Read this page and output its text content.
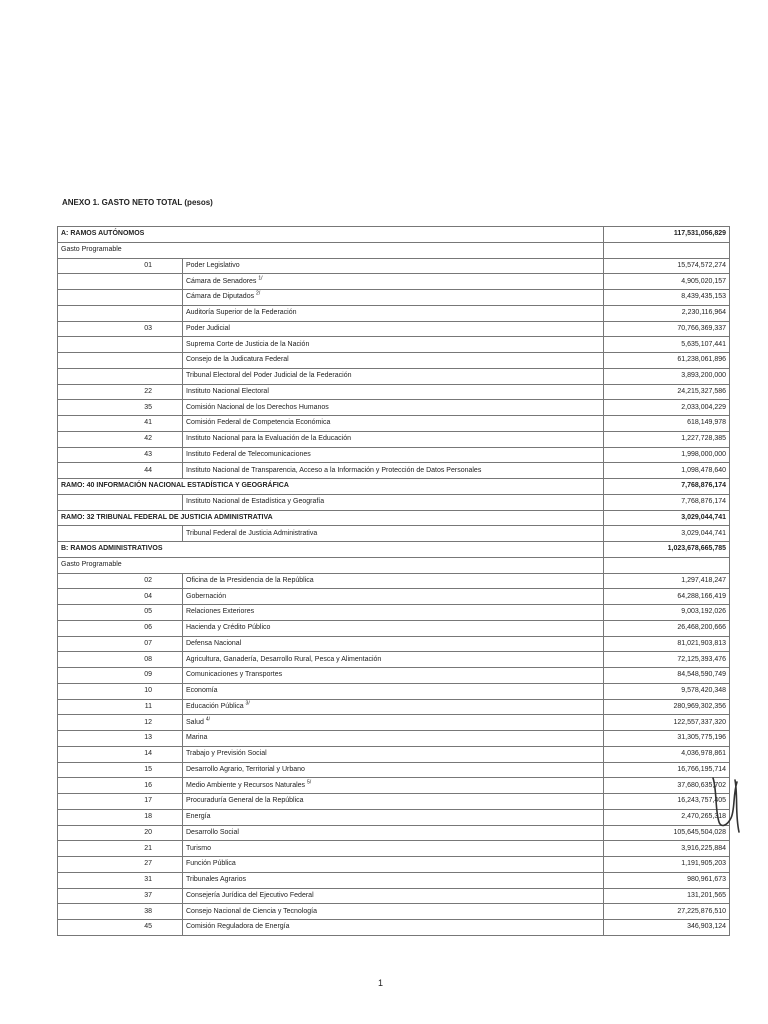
ANEXO 1. GASTO NETO TOTAL (pesos)
A: RAMOS AUTÓNOMOS		117,531,056,829
Gasto Programable		
01	Poder Legislativo	15,574,572,274
	Cámara de Senadores $^{1/}$	4,905,020,157
	Cámara de Diputados $^{2/}$	8,439,435,153
	Auditoría Superior de la Federación	2,230,116,964
03	Poder Judicial	70,766,369,337
	Suprema Corte de Justicia de la Nación	5,635,107,441
	Consejo de la Judicatura Federal	61,238,061,896
	Tribunal Electoral del Poder Judicial de la Federación	3,893,200,000
22	Instituto Nacional Electoral	24,215,327,586
35	Comisión Nacional de los Derechos Humanos	2,033,004,229
41	Comisión Federal de Competencia Económica	618,149,978
42	Instituto Nacional para la Evaluación de la Educación	1,227,728,385
43	Instituto Federal de Telecomunicaciones	1,998,000,000
44	Instituto Nacional de Transparencia, Acceso a la Información y Protección de Datos Personales	1,098,478,640
RAMO: 40 INFORMACIÓN NACIONAL ESTADÍSTICA Y GEOGRÁFICA		7,768,876,174
	Instituto Nacional de Estadística y Geografía	7,768,876,174
RAMO: 32 TRIBUNAL FEDERAL DE JUSTICIA ADMINISTRATIVA		3,029,044,741
	Tribunal Federal de Justicia Administrativa	3,029,044,741
B: RAMOS ADMINISTRATIVOS		1,023,678,665,785
Gasto Programable		
02	Oficina de la Presidencia de la República	1,297,418,247
04	Gobernación	64,288,166,419
05	Relaciones Exteriores	9,003,192,026
06	Hacienda y Crédito Público	26,468,200,666
07	Defensa Nacional	81,021,903,813
08	Agricultura, Ganadería, Desarrollo Rural, Pesca y Alimentación	72,125,393,476
09	Comunicaciones y Transportes	84,548,590,749
10	Economía	9,578,420,348
11	Educación Pública $^{3/}$	280,969,302,356
12	Salud $^{4/}$	122,557,337,320
13	Marina	31,305,775,196
14	Trabajo y Previsión Social	4,036,978,861
15	Desarrollo Agrario, Territorial y Urbano	16,766,195,714
16	Medio Ambiente y Recursos Naturales $^{5/}$	37,680,635,702
17	Procuraduría General de la República	16,243,757,405
18	Energía	2,470,265,318
20	Desarrollo Social	105,645,504,028
21	Turismo	3,916,225,884
27	Función Pública	1,191,905,203
31	Tribunales Agrarios	980,961,673
37	Consejería Jurídica del Ejecutivo Federal	131,201,565
38	Consejo Nacional de Ciencia y Tecnología	27,225,876,510
45	Comisión Reguladora de Energía	346,903,124
1
